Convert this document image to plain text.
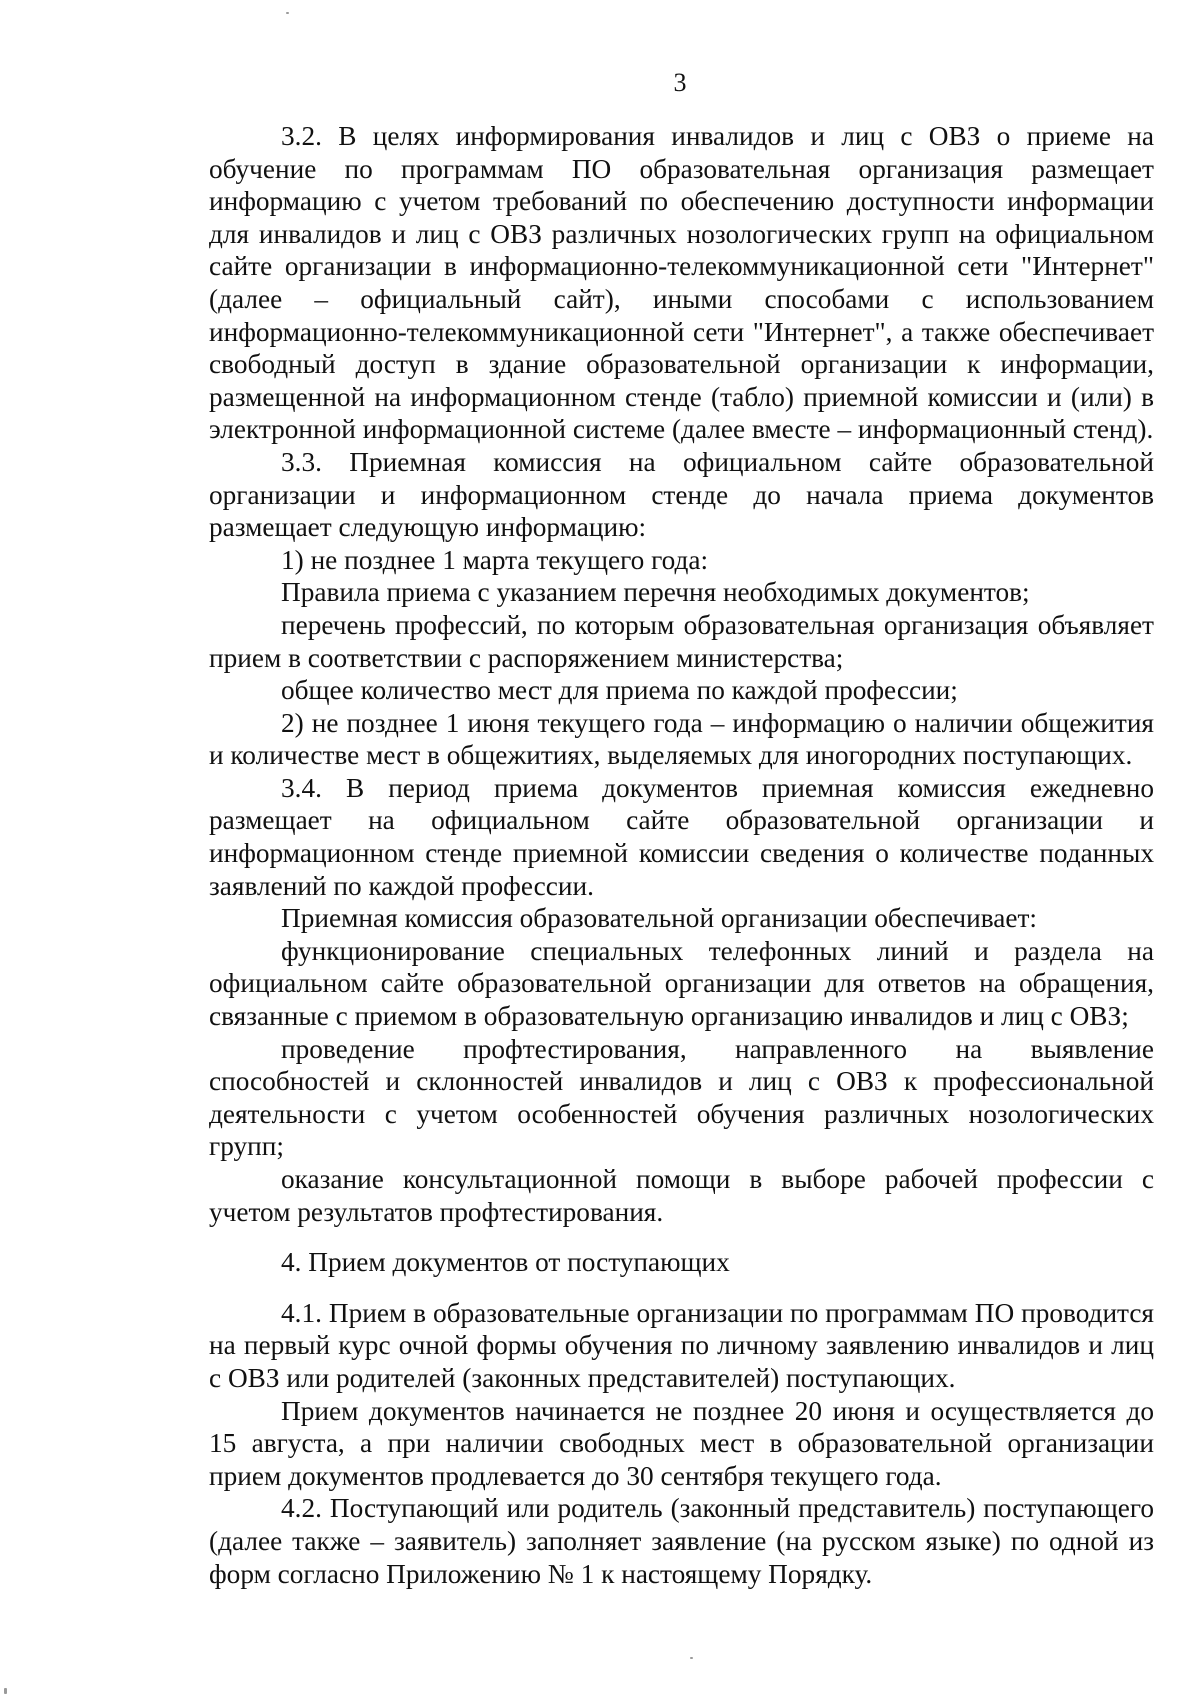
3

3.2. В целях информирования инвалидов и лиц с ОВЗ о приеме на обучение по программам ПО образовательная организация размещает информацию с учетом требований по обеспечению доступности информации для инвалидов и лиц с ОВЗ различных нозологических групп на официальном сайте организации в информационно-телекоммуникационной сети "Интернет" (далее – официальный сайт), иными способами с использованием информационно-телекоммуникационной сети "Интернет", а также обеспечивает свободный доступ в здание образовательной организации к информации, размещенной на информационном стенде (табло) приемной комиссии и (или) в электронной информационной системе (далее вместе – информационный стенд).

3.3. Приемная комиссия на официальном сайте образовательной организации и информационном стенде до начала приема документов размещает следующую информацию:

1) не позднее 1 марта текущего года:

Правила приема с указанием перечня необходимых документов;

перечень профессий, по которым образовательная организация объявляет прием в соответствии с распоряжением министерства;

общее количество мест для приема по каждой профессии;

2) не позднее 1 июня текущего года – информацию о наличии общежития и количестве мест в общежитиях, выделяемых для иногородних поступающих.

3.4. В период приема документов приемная комиссия ежедневно размещает на официальном сайте образовательной организации и информационном стенде приемной комиссии сведения о количестве поданных заявлений по каждой профессии.

Приемная комиссия образовательной организации обеспечивает:

функционирование специальных телефонных линий и раздела на официальном сайте образовательной организации для ответов на обращения, связанные с приемом в образовательную организацию инвалидов и лиц с ОВЗ;

проведение профтестирования, направленного на выявление способностей и склонностей инвалидов и лиц с ОВЗ к профессиональной деятельности с учетом особенностей обучения различных нозологических групп;

оказание консультационной помощи в выборе рабочей профессии с учетом результатов профтестирования.

4. Прием документов от поступающих

4.1. Прием в образовательные организации по программам ПО проводится на первый курс очной формы обучения по личному заявлению инвалидов и лиц с ОВЗ или родителей (законных представителей) поступающих.

Прием документов начинается не позднее 20 июня и осуществляется до 15 августа, а при наличии свободных мест в образовательной организации прием документов продлевается до 30 сентября текущего года.

4.2. Поступающий или родитель (законный представитель) поступающего (далее также – заявитель) заполняет заявление (на русском языке) по одной из форм согласно Приложению № 1 к настоящему Порядку.
